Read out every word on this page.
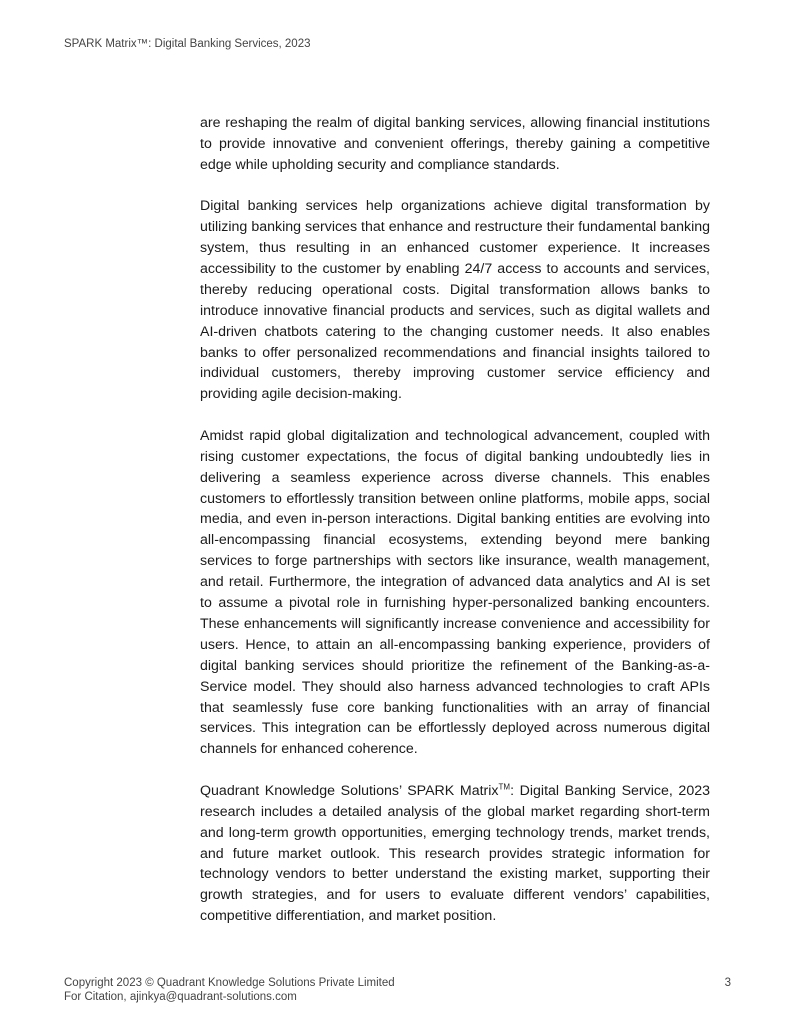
SPARK Matrix™: Digital Banking Services, 2023

are reshaping the realm of digital banking services, allowing financial institutions to provide innovative and convenient offerings, thereby gaining a competitive edge while upholding security and compliance standards.

Digital banking services help organizations achieve digital transformation by utilizing banking services that enhance and restructure their fundamental banking system, thus resulting in an enhanced customer experience. It increases accessibility to the customer by enabling 24/7 access to accounts and services, thereby reducing operational costs. Digital transformation allows banks to introduce innovative financial products and services, such as digital wallets and AI-driven chatbots catering to the changing customer needs. It also enables banks to offer personalized recommendations and financial insights tailored to individual customers, thereby improving customer service efficiency and providing agile decision-making.

Amidst rapid global digitalization and technological advancement, coupled with rising customer expectations, the focus of digital banking undoubtedly lies in delivering a seamless experience across diverse channels. This enables customers to effortlessly transition between online platforms, mobile apps, social media, and even in-person interactions. Digital banking entities are evolving into all-encompassing financial ecosystems, extending beyond mere banking services to forge partnerships with sectors like insurance, wealth management, and retail. Furthermore, the integration of advanced data analytics and AI is set to assume a pivotal role in furnishing hyper-personalized banking encounters. These enhancements will significantly increase convenience and accessibility for users. Hence, to attain an all-encompassing banking experience, providers of digital banking services should prioritize the refinement of the Banking-as-a-Service model. They should also harness advanced technologies to craft APIs that seamlessly fuse core banking functionalities with an array of financial services. This integration can be effortlessly deployed across numerous digital channels for enhanced coherence.

Quadrant Knowledge Solutions’ SPARK Matrix™: Digital Banking Service, 2023 research includes a detailed analysis of the global market regarding short-term and long-term growth opportunities, emerging technology trends, market trends, and future market outlook. This research provides strategic information for technology vendors to better understand the existing market, supporting their growth strategies, and for users to evaluate different vendors’ capabilities, competitive differentiation, and market position.

Copyright 2023 © Quadrant Knowledge Solutions Private Limited
For Citation, ajinkya@quadrant-solutions.com
3
